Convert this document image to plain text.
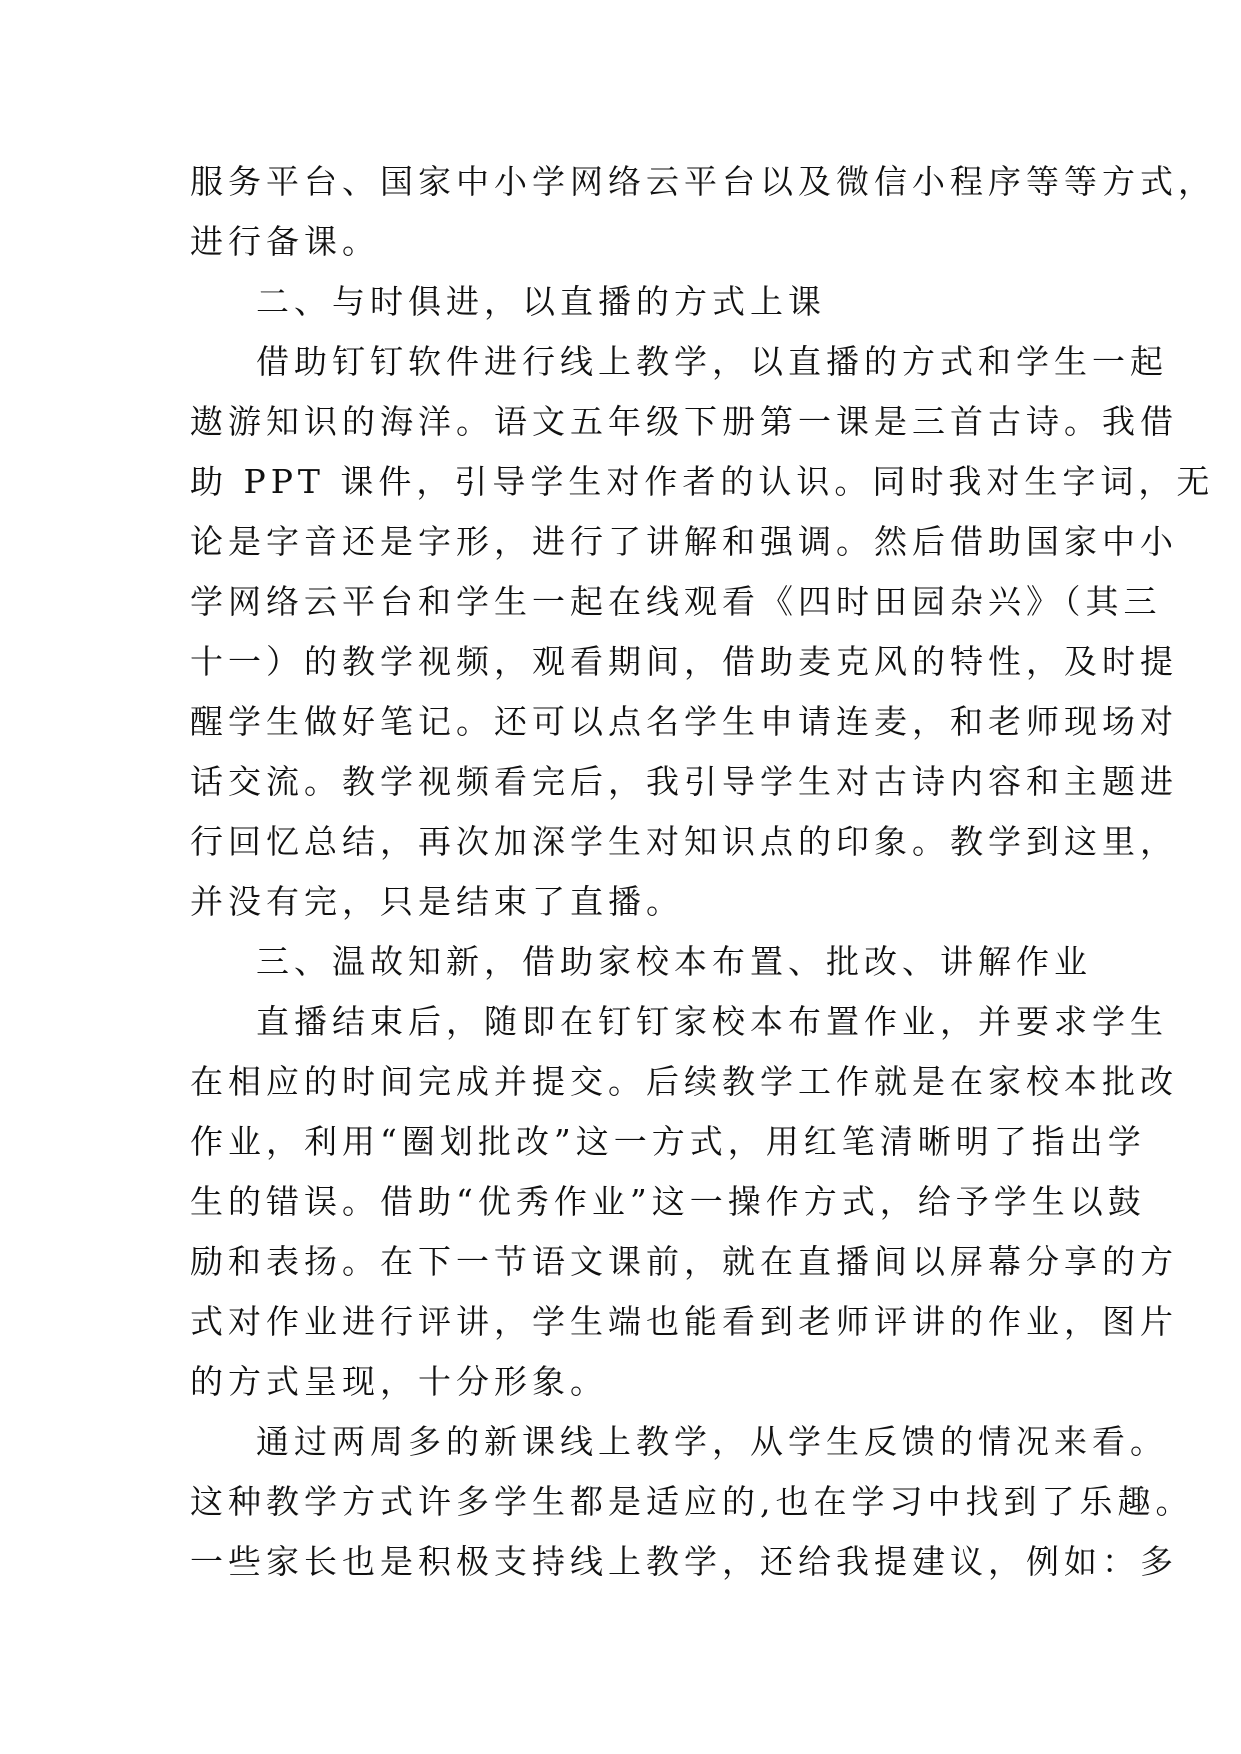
服务平台、国家中小学网络云平台以及微信小程序等等方式，
进行备课。
二、与时俱进，以直播的方式上课
借助钉钉软件进行线上教学，以直播的方式和学生一起
遨游知识的海洋。语文五年级下册第一课是三首古诗。我借
助 PPT 课件，引导学生对作者的认识。同时我对生字词，无
论是字音还是字形，进行了讲解和强调。然后借助国家中小
学网络云平台和学生一起在线观看《四时田园杂兴》（其三
十一）的教学视频，观看期间，借助麦克风的特性，及时提
醒学生做好笔记。还可以点名学生申请连麦，和老师现场对
话交流。教学视频看完后，我引导学生对古诗内容和主题进
行回忆总结，再次加深学生对知识点的印象。教学到这里，
并没有完，只是结束了直播。
三、温故知新，借助家校本布置、批改、讲解作业
直播结束后，随即在钉钉家校本布置作业，并要求学生
在相应的时间完成并提交。后续教学工作就是在家校本批改
作业，利用“圈划批改”这一方式，用红笔清晰明了指出学
生的错误。借助“优秀作业”这一操作方式，给予学生以鼓
励和表扬。在下一节语文课前，就在直播间以屏幕分享的方
式对作业进行评讲，学生端也能看到老师评讲的作业，图片
的方式呈现，十分形象。
通过两周多的新课线上教学，从学生反馈的情况来看。
这种教学方式许多学生都是适应的,也在学习中找到了乐趣。
一些家长也是积极支持线上教学，还给我提建议，例如：多
